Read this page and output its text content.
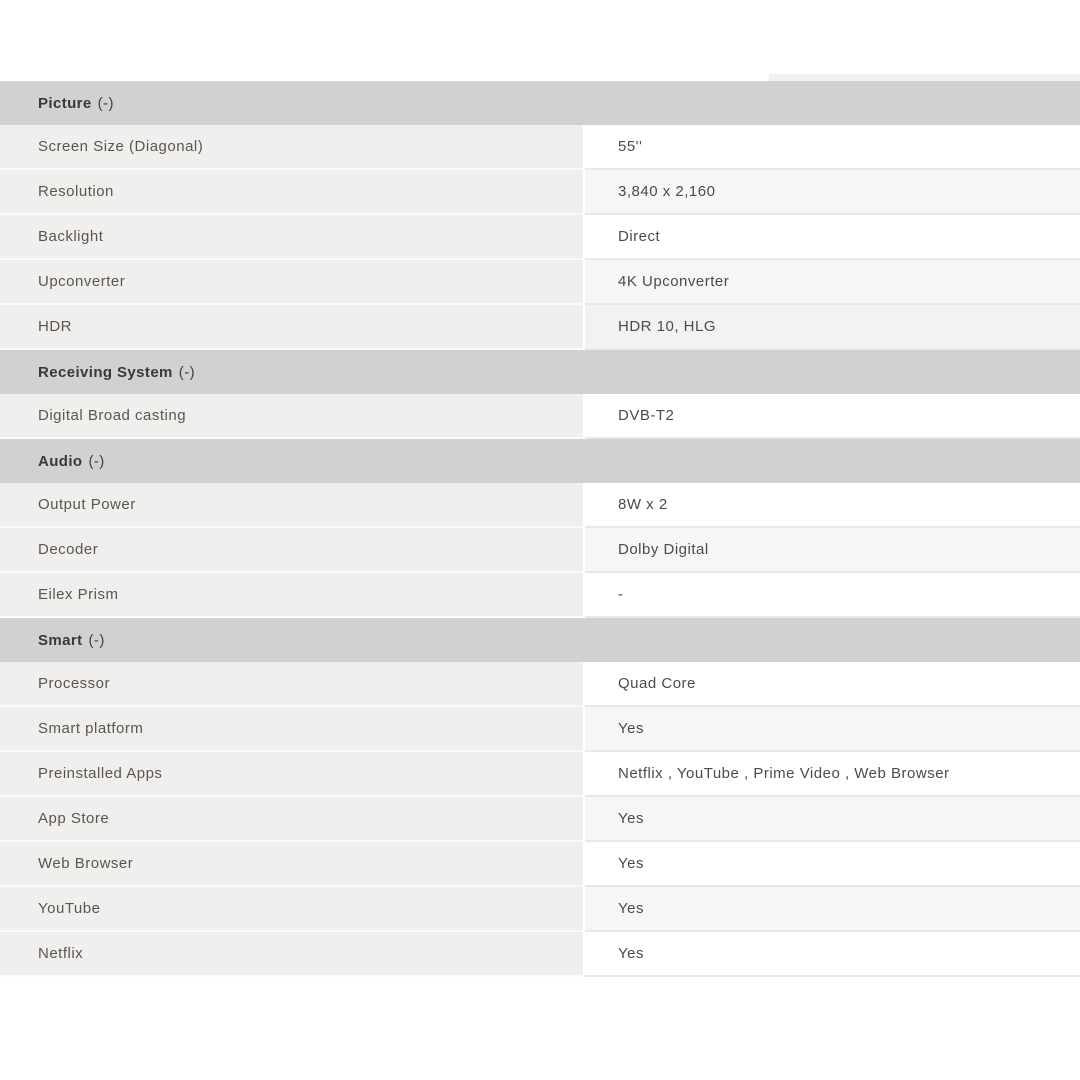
Picture (-)
Screen Size (Diagonal)	55''
Resolution	3,840 x 2,160
Backlight	Direct
Upconverter	4K Upconverter
HDR	HDR 10, HLG
Receiving System (-)
Digital Broad casting	DVB-T2
Audio (-)
Output Power	8W x 2
Decoder	Dolby Digital
Eilex Prism	-
Smart (-)
Processor	Quad Core
Smart platform	Yes
Preinstalled Apps	Netflix , YouTube , Prime Video , Web Browser
App Store	Yes
Web Browser	Yes
YouTube	Yes
Netflix	Yes
